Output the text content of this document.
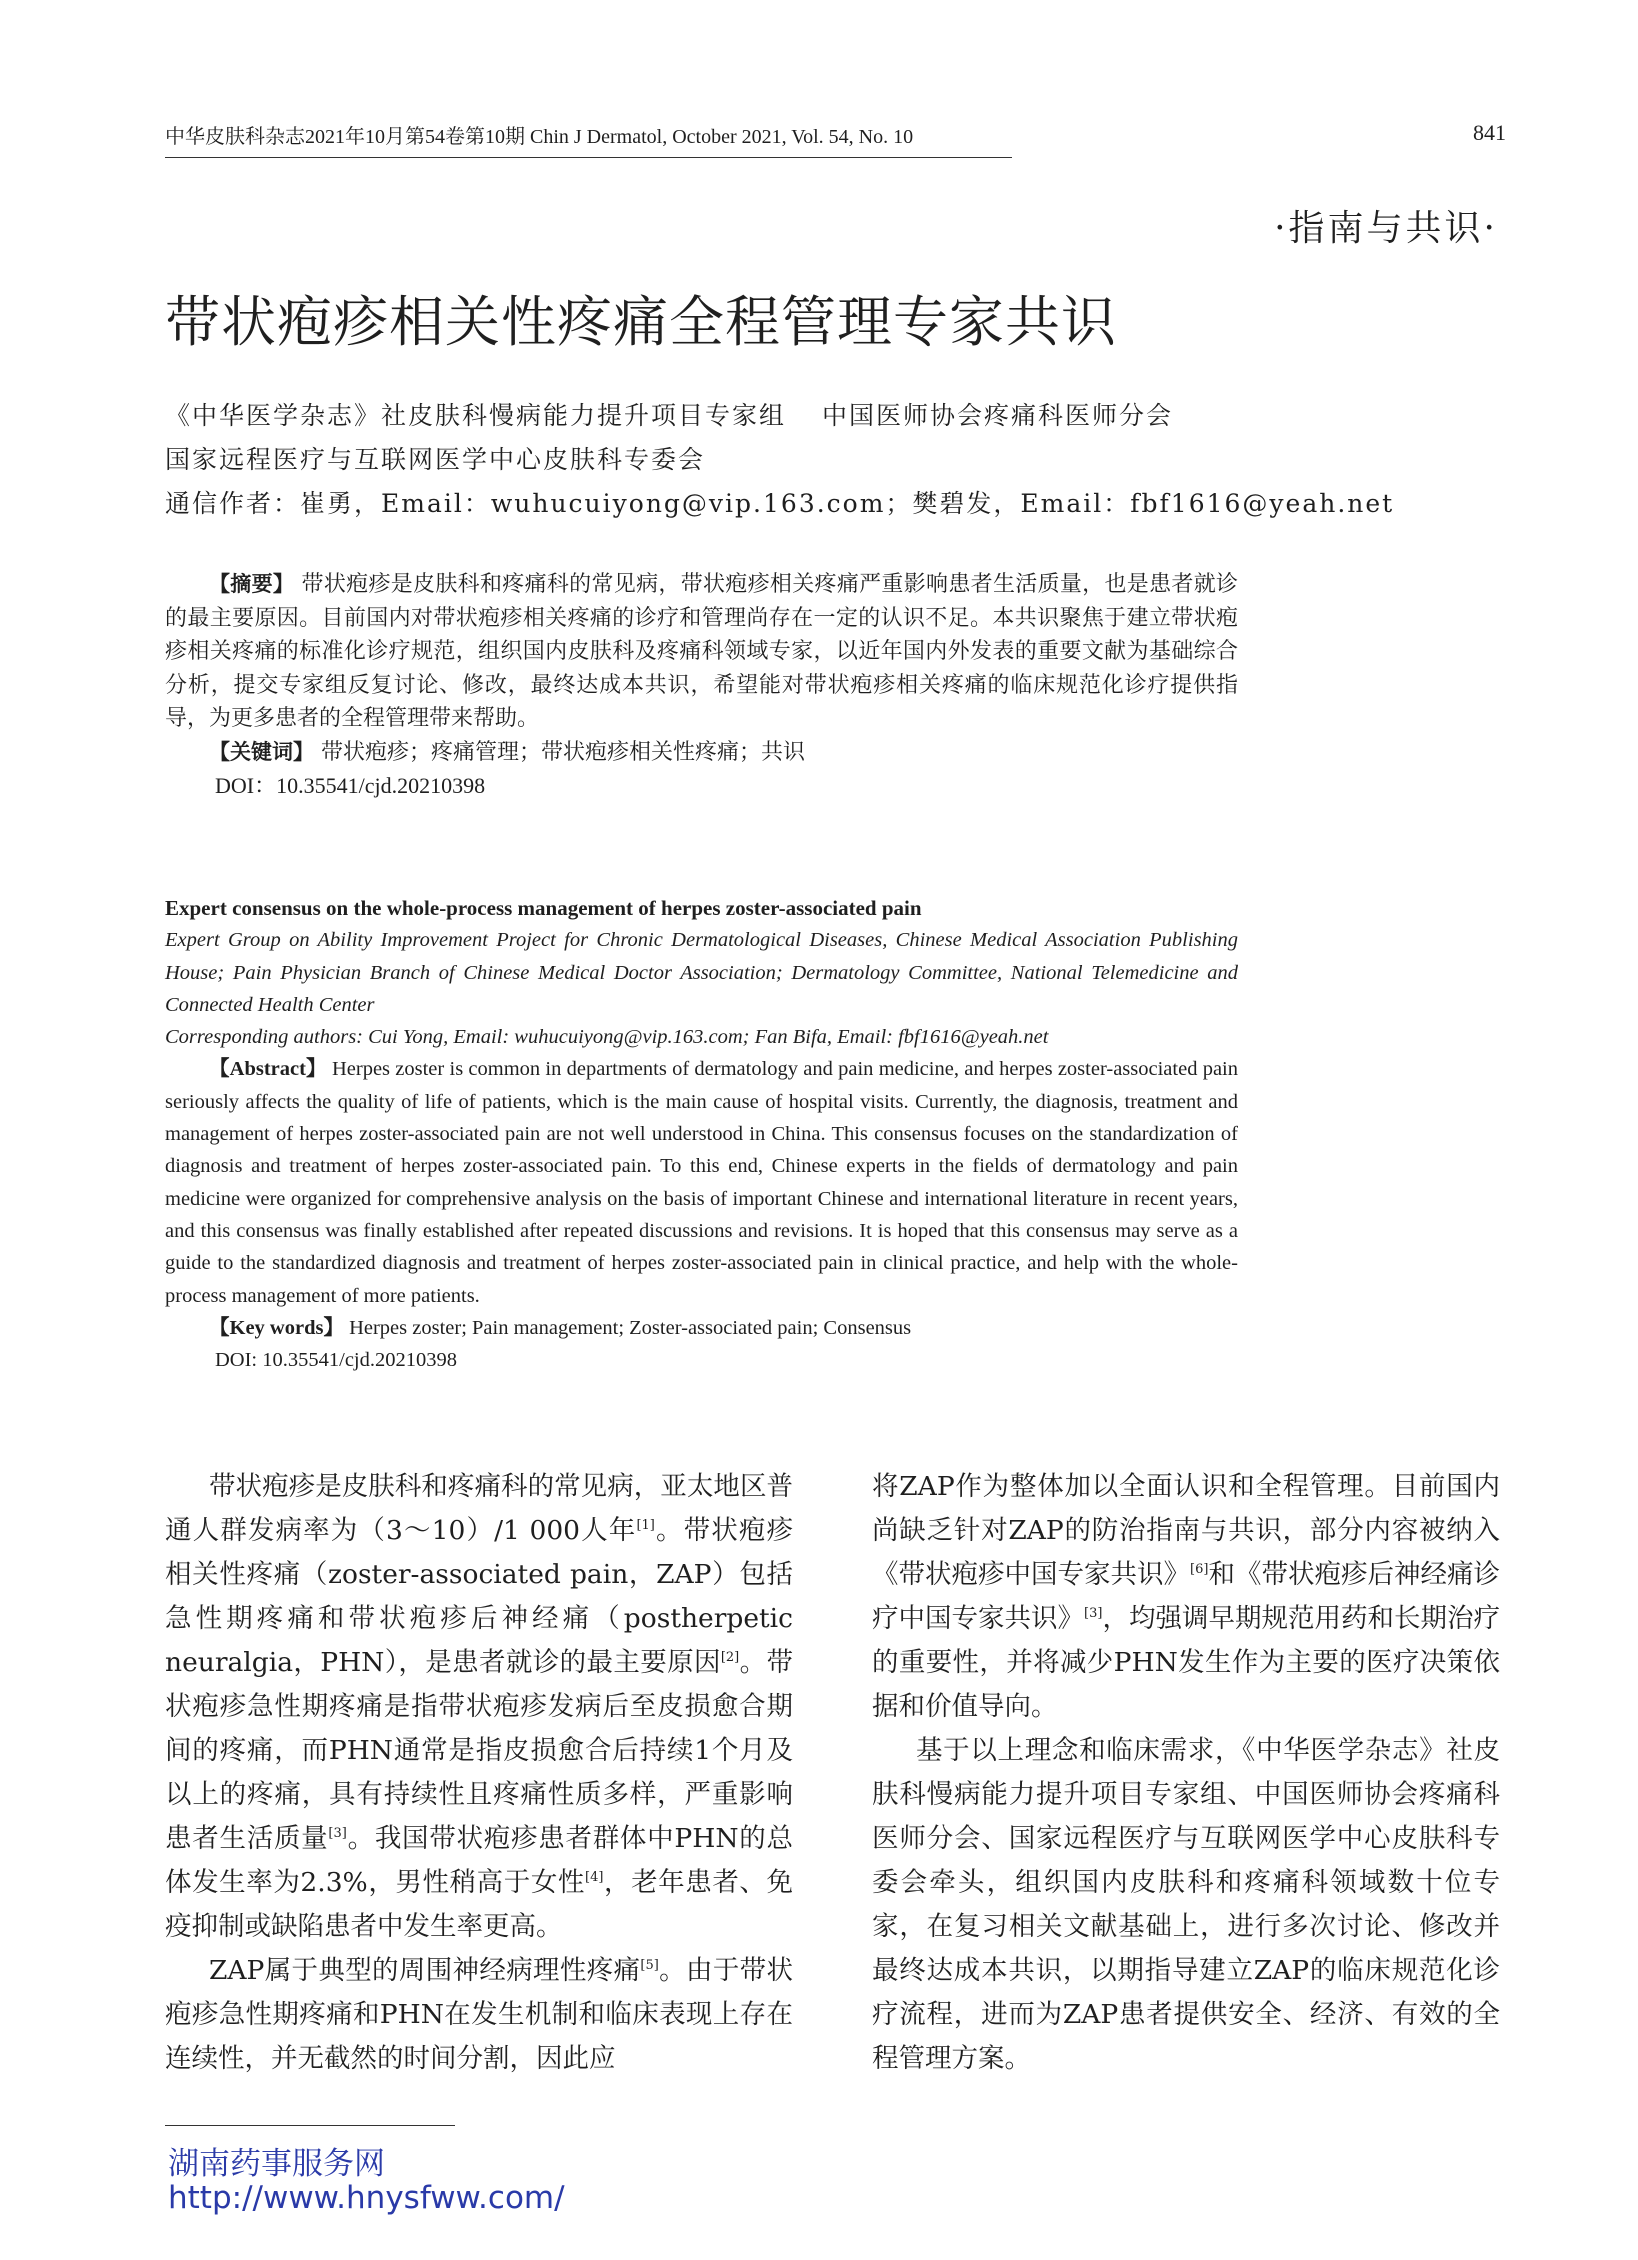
中华皮肤科杂志2021年10月第54卷第10期 Chin J Dermatol, October 2021, Vol. 54, No. 10	841
·指南与共识·
带状疱疹相关性疼痛全程管理专家共识
《中华医学杂志》社皮肤科慢病能力提升项目专家组 中国医师协会疼痛科医师分会
国家远程医疗与互联网医学中心皮肤科专委会
通信作者：崔勇，Email：wuhucuiyong@vip.163.com；樊碧发，Email：fbf1616@yeah.net

【摘要】 带状疱疹是皮肤科和疼痛科的常见病，带状疱疹相关疼痛严重影响患者生活质量，也是患者就诊的最主要原因。目前国内对带状疱疹相关疼痛的诊疗和管理尚存在一定的认识不足。本共识聚焦于建立带状疱疹相关疼痛的标准化诊疗规范，组织国内皮肤科及疼痛科领域专家，以近年国内外发表的重要文献为基础综合分析，提交专家组反复讨论、修改，最终达成本共识，希望能对带状疱疹相关疼痛的临床规范化诊疗提供指导，为更多患者的全程管理带来帮助。

【关键词】 带状疱疹；疼痛管理；带状疱疹相关性疼痛；共识

DOI：10.35541/cjd.20210398

Expert consensus on the whole-process management of herpes zoster-associated pain

Expert Group on Ability Improvement Project for Chronic Dermatological Diseases, Chinese Medical Association Publishing House; Pain Physician Branch of Chinese Medical Doctor Association; Dermatology Committee, National Telemedicine and Connected Health Center

Corresponding authors: Cui Yong, Email: wuhucuiyong@vip.163.com; Fan Bifa, Email: fbf1616@yeah.net

【Abstract】 Herpes zoster is common in departments of dermatology and pain medicine, and herpes zoster-associated pain seriously affects the quality of life of patients, which is the main cause of hospital visits. Currently, the diagnosis, treatment and management of herpes zoster-associated pain are not well understood in China. This consensus focuses on the standardization of diagnosis and treatment of herpes zoster-associated pain. To this end, Chinese experts in the fields of dermatology and pain medicine were organized for comprehensive analysis on the basis of important Chinese and international literature in recent years, and this consensus was finally established after repeated discussions and revisions. It is hoped that this consensus may serve as a guide to the standardized diagnosis and treatment of herpes zoster-associated pain in clinical practice, and help with the whole-process management of more patients.

【Key words】 Herpes zoster; Pain management; Zoster-associated pain; Consensus

DOI: 10.35541/cjd.20210398

带状疱疹是皮肤科和疼痛科的常见病，亚太地区普通人群发病率为（3～10）/1 000人年[1]。带状疱疹相关性疼痛（zoster-associated pain，ZAP）包括急性期疼痛和带状疱疹后神经痛（postherpetic neuralgia，PHN），是患者就诊的最主要原因[2]。带状疱疹急性期疼痛是指带状疱疹发病后至皮损愈合期间的疼痛，而PHN通常是指皮损愈合后持续1个月及以上的疼痛，具有持续性且疼痛性质多样，严重影响患者生活质量[3]。我国带状疱疹患者群体中PHN的总体发生率为2.3%，男性稍高于女性[4]，老年患者、免疫抑制或缺陷患者中发生率更高。

ZAP属于典型的周围神经病理性疼痛[5]。由于带状疱疹急性期疼痛和PHN在发生机制和临床表现上存在连续性，并无截然的时间分割，因此应

将ZAP作为整体加以全面认识和全程管理。目前国内尚缺乏针对ZAP的防治指南与共识，部分内容被纳入《带状疱疹中国专家共识》[6]和《带状疱疹后神经痛诊疗中国专家共识》[3]，均强调早期规范用药和长期治疗的重要性，并将减少PHN发生作为主要的医疗决策依据和价值导向。

基于以上理念和临床需求，《中华医学杂志》社皮肤科慢病能力提升项目专家组、中国医师协会疼痛科医师分会、国家远程医疗与互联网医学中心皮肤科专委会牵头，组织国内皮肤科和疼痛科领域数十位专家，在复习相关文献基础上，进行多次讨论、修改并最终达成本共识，以期指导建立ZAP的临床规范化诊疗流程，进而为ZAP患者提供安全、经济、有效的全程管理方案。

湖南药事服务网
http://www.hnysfww.com/
